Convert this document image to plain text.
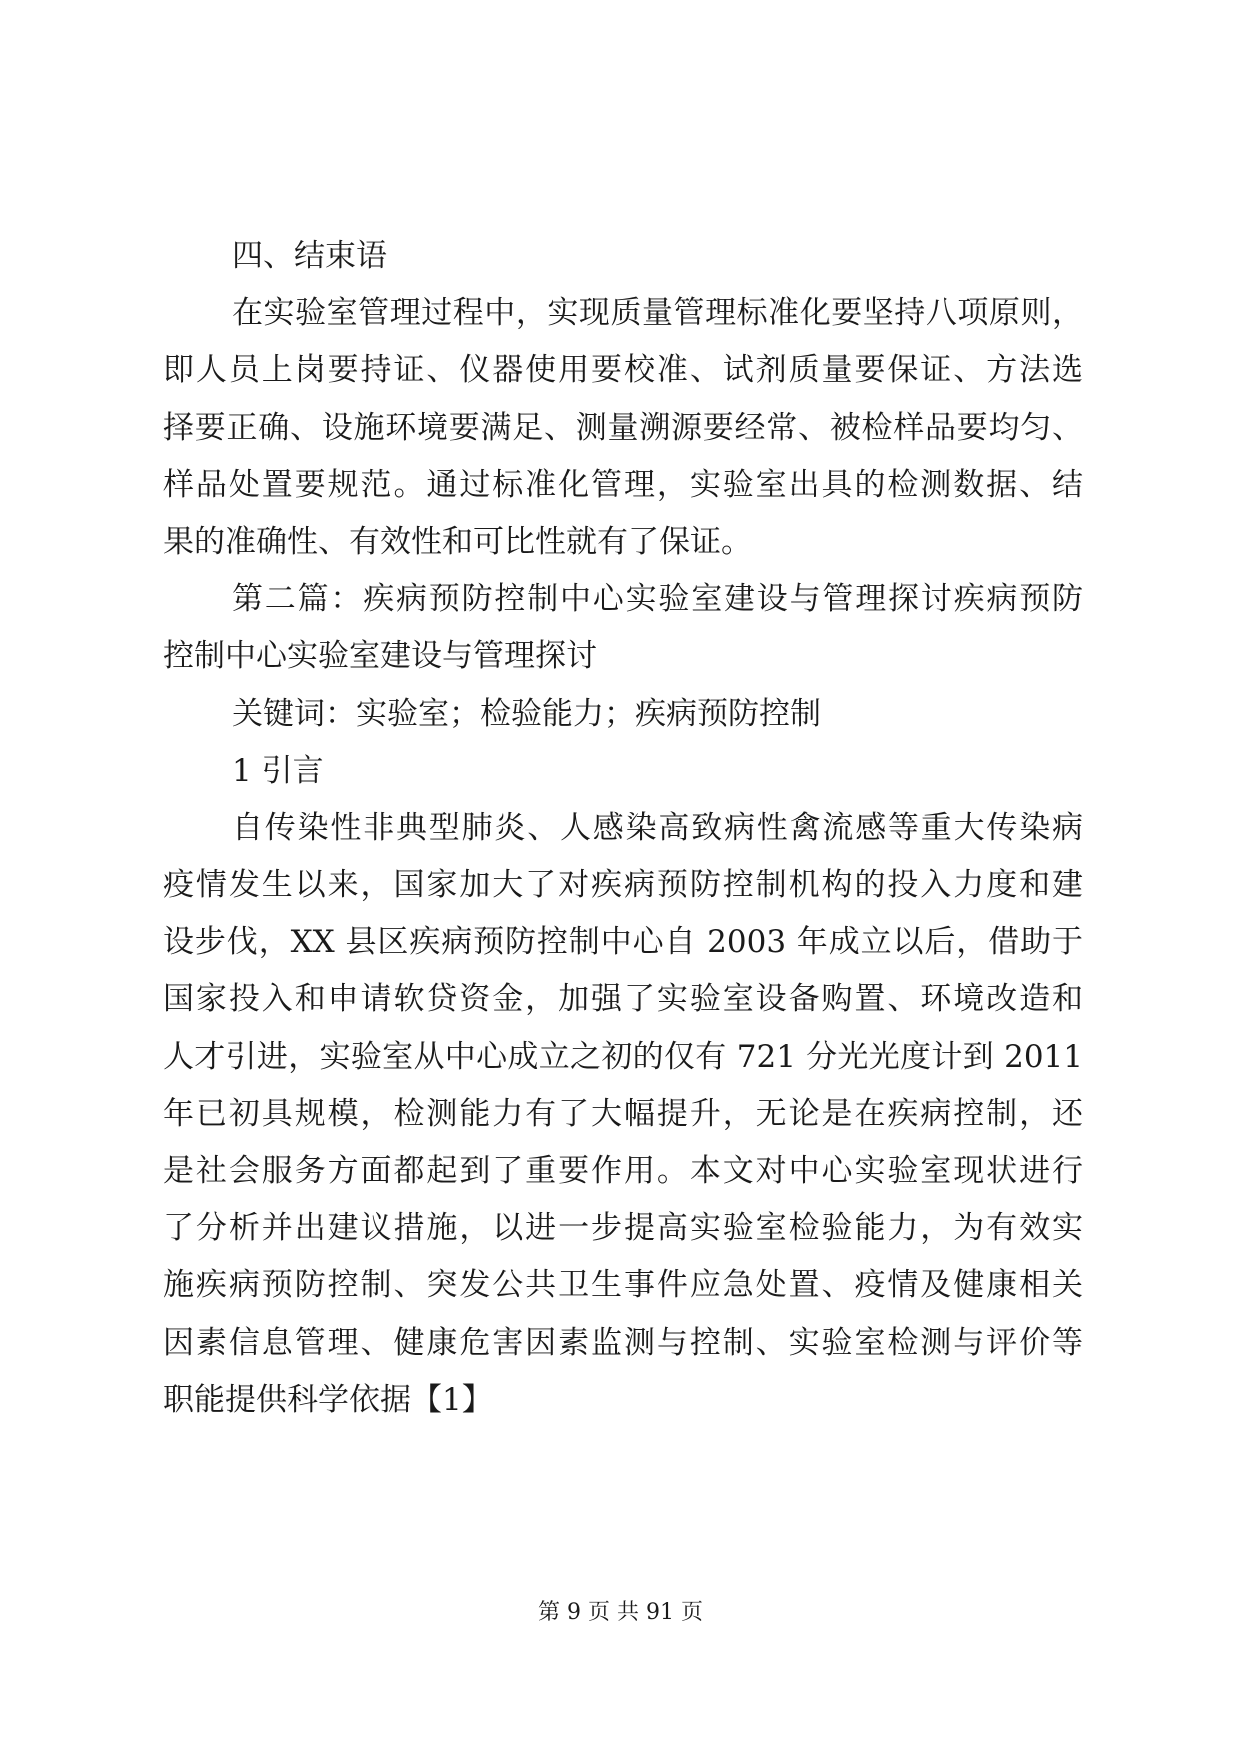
四、结束语
在实验室管理过程中，实现质量管理标准化要坚持八项原则，
即人员上岗要持证、仪器使用要校准、试剂质量要保证、方法选
择要正确、设施环境要满足、测量溯源要经常、被检样品要均匀、
样品处置要规范。通过标准化管理，实验室出具的检测数据、结
果的准确性、有效性和可比性就有了保证。
第二篇：疾病预防控制中心实验室建设与管理探讨疾病预防
控制中心实验室建设与管理探讨
关键词：实验室；检验能力；疾病预防控制
1 引言
自传染性非典型肺炎、人感染高致病性禽流感等重大传染病
疫情发生以来，国家加大了对疾病预防控制机构的投入力度和建
设步伐，XX 县区疾病预防控制中心自 2003 年成立以后，借助于
国家投入和申请软贷资金，加强了实验室设备购置、环境改造和
人才引进，实验室从中心成立之初的仅有 721 分光光度计到 2011
年已初具规模，检测能力有了大幅提升，无论是在疾病控制，还
是社会服务方面都起到了重要作用。本文对中心实验室现状进行
了分析并出建议措施，以进一步提高实验室检验能力，为有效实
施疾病预防控制、突发公共卫生事件应急处置、疫情及健康相关
因素信息管理、健康危害因素监测与控制、实验室检测与评价等
职能提供科学依据【1】
第 9 页 共 91 页
